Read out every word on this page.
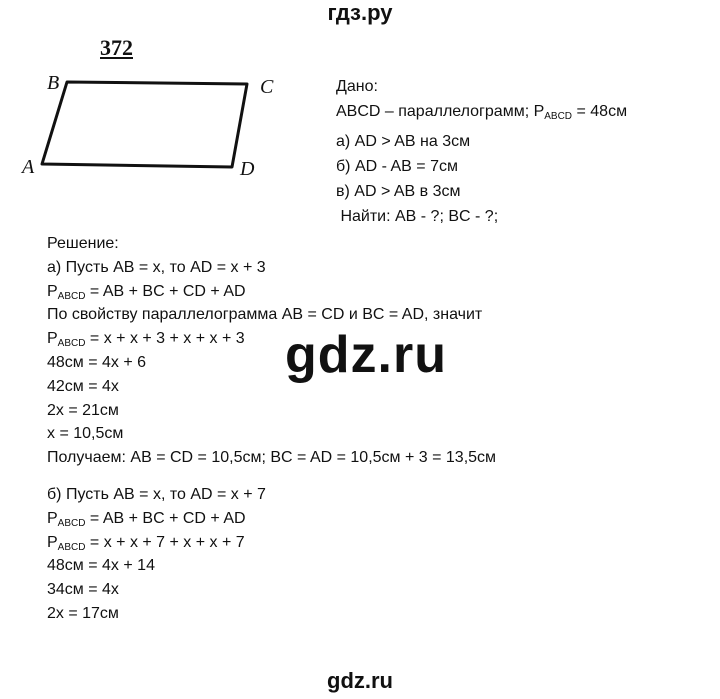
гдз.ру
372
B	C
A	D
Дано:
ABCD – параллелограмм; $P_{ABCD} = 48см$
а) AD > AB на 3см
б) AD - AB = 7см
в) AD > AB в 3см
Найти: AB - ?; BC - ?;
Решение:
а) Пусть AB = x, то AD = x + 3
$P_{ABCD}$ = AB + BC + CD + AD
По свойству параллелограмма AB = CD и BC = AD, значит
$P_{ABCD} = x + x + 3 + x + x + 3$
48см = 4x + 6
42см = 4x
2x = 21см
x = 10,5см
Получаем: AB = CD = 10,5см; BC = AD = 10,5см + 3 = 13,5см
б) Пусть AB = x, то AD = x + 7
$P_{ABCD}$ = AB + BC + CD + AD
$P_{ABCD} = x + x + 7 + x + x + 7$
48см = 4x + 14
34см = 4x
2x = 17см
gdz.ru
gdz.ru
